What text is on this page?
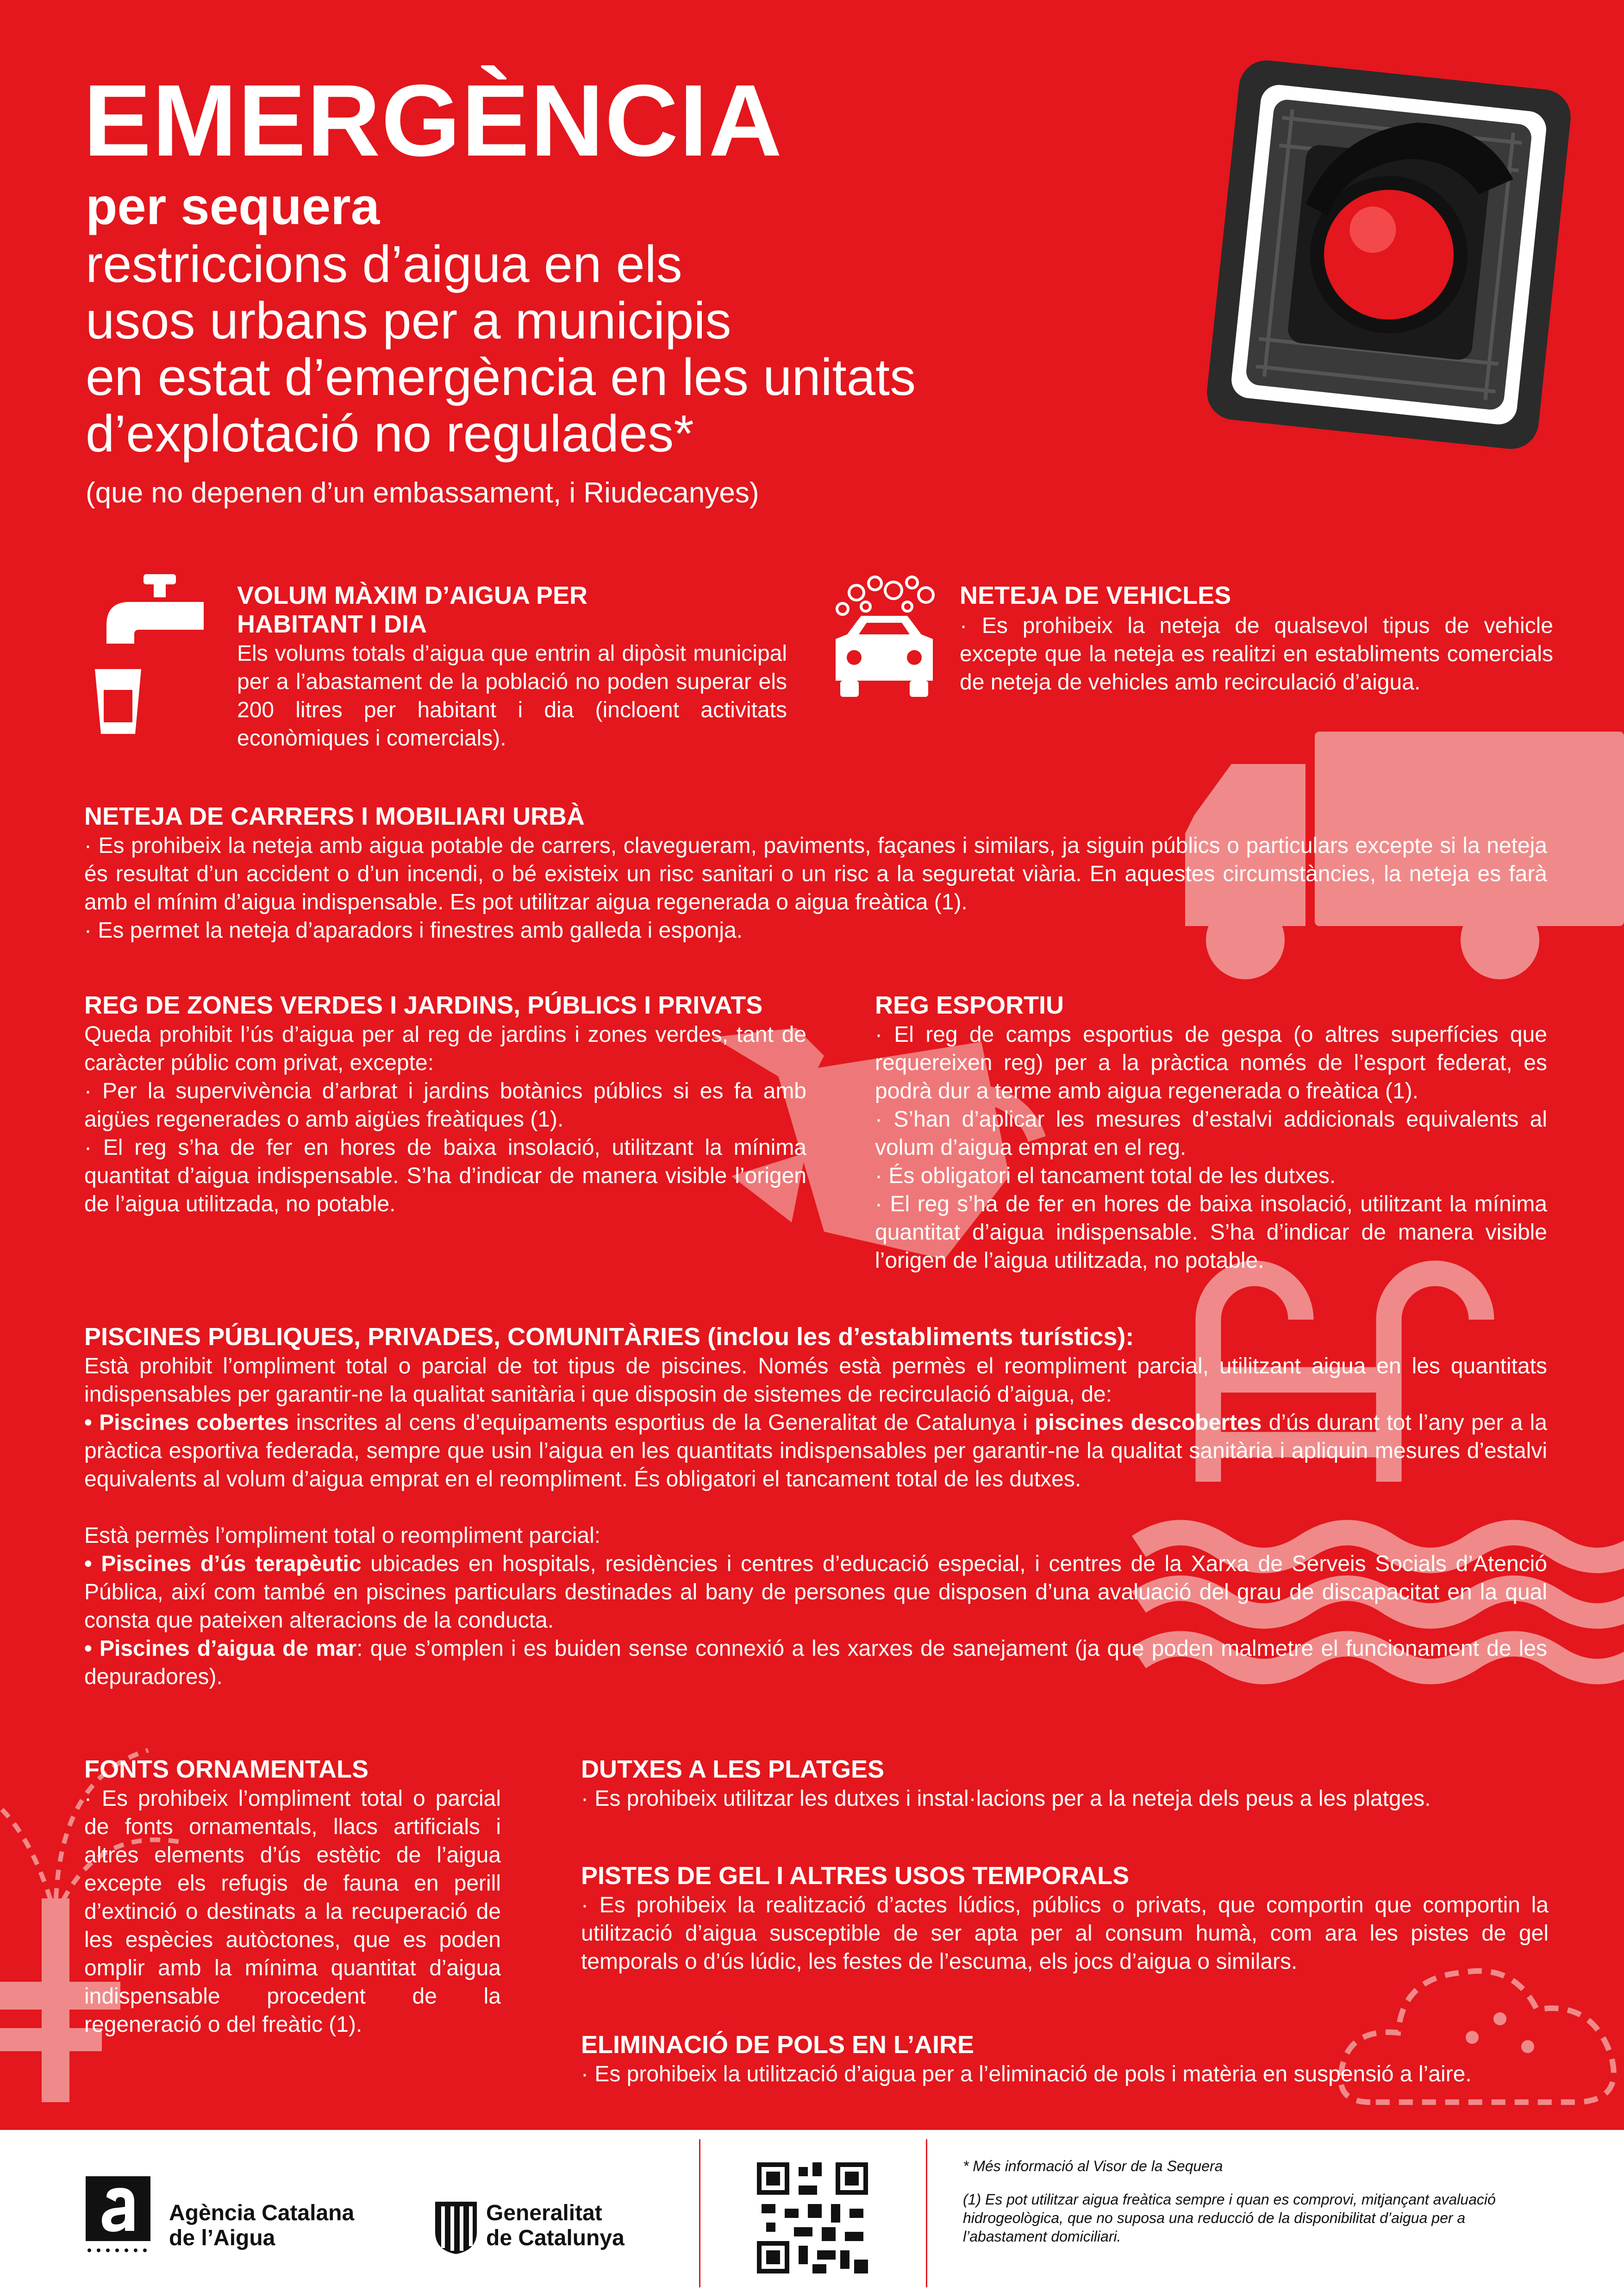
EMERGÈNCIA
per sequera
restriccions d’aigua en els
usos urbans per a municipis
en estat d’emergència en les unitats
d’explotació no regulades*
(que no depenen d’un embassament, i Riudecanyes)
VOLUM MÀXIM D’AIGUA PER
HABITANT I DIA
Els volums totals d’aigua que entrin al dipòsit municipal per a l’abastament de la població no poden superar els 200 litres per habitant i dia (incloent activitats econòmiques i comercials).
NETEJA DE VEHICLES
· Es prohibeix la neteja de qualsevol tipus de vehicle excepte que la neteja es realitzi en establiments comercials de neteja de vehicles amb recirculació d’aigua.
NETEJA DE CARRERS I MOBILIARI URBÀ

· Es prohibeix la neteja amb aigua potable de carrers, clavegueram, paviments, façanes i similars, ja siguin públics o particulars excepte si la neteja és resultat d’un accident o d’un incendi, o bé existeix un risc sanitari o un risc a la seguretat viària. En aquestes circumstàncies, la neteja es farà amb el mínim d’aigua indispensable. Es pot utilitzar aigua regenerada o aigua freàtica (1).

· Es permet la neteja d’aparadors i finestres amb galleda i esponja.

REG DE ZONES VERDES I JARDINS, PÚBLICS I PRIVATS

Queda prohibit l’ús d’aigua per al reg de jardins i zones verdes, tant de caràcter públic com privat, excepte:

· Per la supervivència d’arbrat i jardins botànics públics si es fa amb aigües regenerades o amb aigües freàtiques (1).

· El reg s’ha de fer en hores de baixa insolació, utilitzant la mínima quantitat d’aigua indispensable. S’ha d’indicar de manera visible l’origen de l’aigua utilitzada, no potable.

REG ESPORTIU

· El reg de camps esportius de gespa (o altres superfícies que requereixen reg) per a la pràctica només de l’esport federat, es podrà dur a terme amb aigua regenerada o freàtica (1).

· S’han d’aplicar les mesures d’estalvi addicionals equivalents al volum d’aigua emprat en el reg.

· És obligatori el tancament total de les dutxes.

· El reg s’ha de fer en hores de baixa insolació, utilitzant la mínima quantitat d’aigua indispensable. S’ha d’indicar de manera visible l’origen de l’aigua utilitzada, no potable.

PISCINES PÚBLIQUES, PRIVADES, COMUNITÀRIES (inclou les d’establiments turístics):

Està prohibit l’ompliment total o parcial de tot tipus de piscines. Només està permès el reompliment parcial, utilitzant aigua en les quantitats indispensables per garantir-ne la qualitat sanitària i que disposin de sistemes de recirculació d’aigua, de:

• Piscines cobertes inscrites al cens d’equipaments esportius de la Generalitat de Catalunya i piscines descobertes d’ús durant tot l’any per a la pràctica esportiva federada, sempre que usin l’aigua en les quantitats indispensables per garantir-ne la qualitat sanitària i apliquin mesures d’estalvi equivalents al volum d’aigua emprat en el reompliment. És obligatori el tancament total de les dutxes.

Està permès l’ompliment total o reompliment parcial:

• Piscines d’ús terapèutic ubicades en hospitals, residències i centres d’educació especial, i centres de la Xarxa de Serveis Socials d’Atenció Pública, així com també en piscines particulars destinades al bany de persones que disposen d’una avaluació del grau de discapacitat en la qual consta que pateixen alteracions de la conducta.

• Piscines d’aigua de mar: que s’omplen i es buiden sense connexió a les xarxes de sanejament (ja que poden malmetre el funcionament de les depuradores).

FONTS ORNAMENTALS
· Es prohibeix l’ompliment total o parcial de fonts ornamentals, llacs artificials i altres elements d’ús estètic de l’aigua excepte els refugis de fauna en perill d’extinció o destinats a la recuperació de les espècies autòctones, que es poden omplir amb la mínima quantitat d’aigua indispensable procedent de la regeneració o del freàtic (1).
DUTXES A LES PLATGES
· Es prohibeix utilitzar les dutxes i instal·lacions per a la neteja dels peus a les platges.
PISTES DE GEL I ALTRES USOS TEMPORALS
· Es prohibeix la realització d’actes lúdics, públics o privats, que comportin que comportin la utilització d’aigua susceptible de ser apta per al consum humà, com ara les pistes de gel temporals o d’ús lúdic, les festes de l’escuma, els jocs d’aigua o similars.
ELIMINACIÓ DE POLS EN L’AIRE
· Es prohibeix la utilització d’aigua per a l’eliminació de pols i matèria en suspensió a l’aire.
Agència Catalana
de l’Aigua
Generalitat
de Catalunya
* Més informació al Visor de la Sequera
(1) Es pot utilitzar aigua freàtica sempre i quan es comprovi, mitjançant avaluació hidrogeològica, que no suposa una reducció de la disponibilitat d’aigua per a l’abastament domiciliari.
